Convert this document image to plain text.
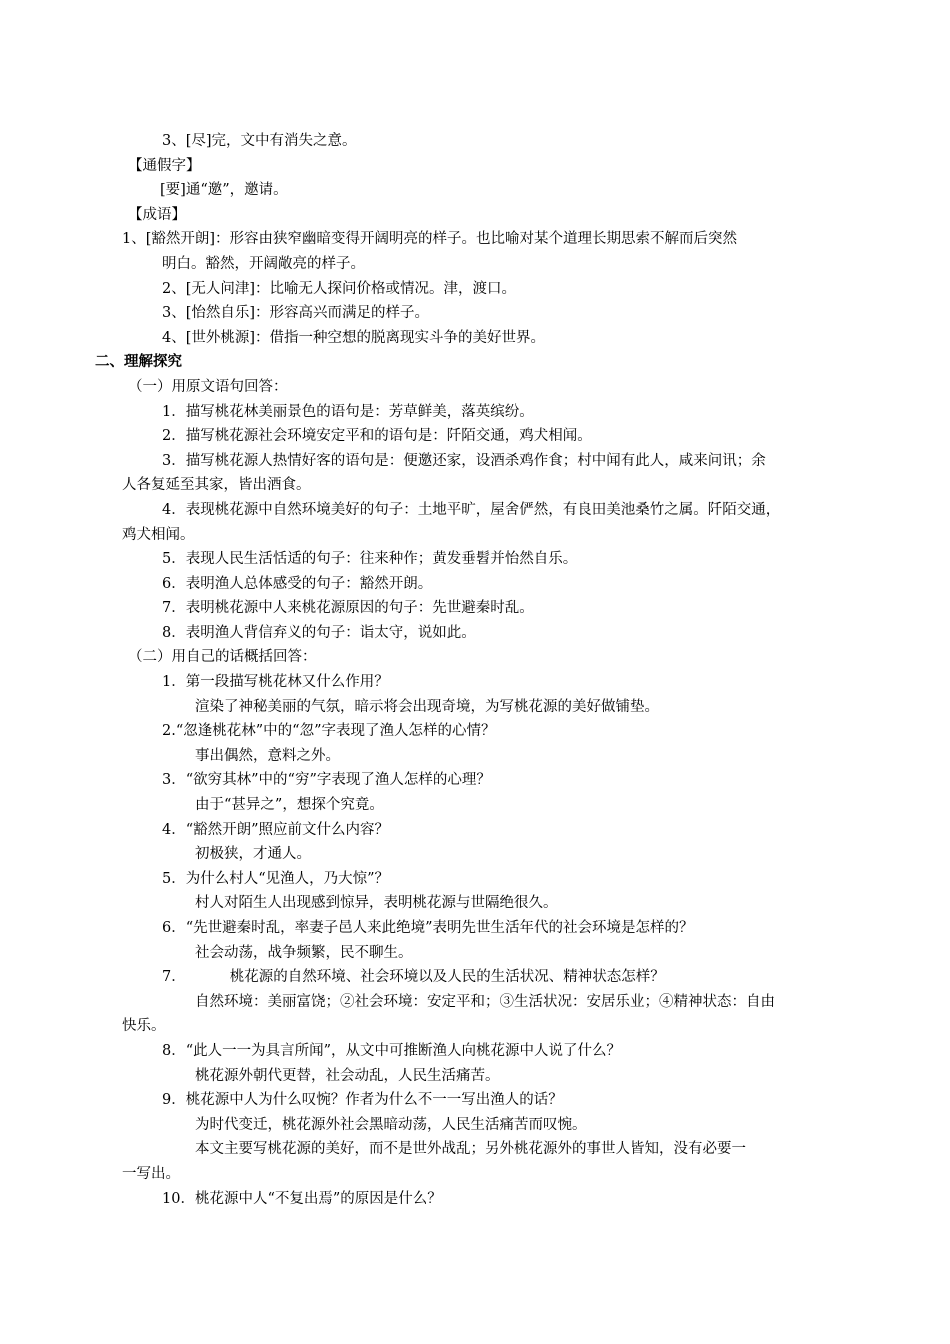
3、[尽]完，文中有消失之意。
【通假字】
[要]通“邀”，邀请。
【成语】
1、[豁然开朗]：形容由狭窄幽暗变得开阔明亮的样子。也比喻对某个道理长期思索不解而后突然
明白。豁然，开阔敞亮的样子。
2、[无人问津]：比喻无人探问价格或情况。津，渡口。
3、[怡然自乐]：形容高兴而满足的样子。
4、[世外桃源]：借指一种空想的脱离现实斗争的美好世界。
二、理解探究
（一）用原文语句回答：
1．描写桃花林美丽景色的语句是：芳草鲜美，落英缤纷。
2．描写桃花源社会环境安定平和的语句是：阡陌交通，鸡犬相闻。
3．描写桃花源人热情好客的语句是：便邀还家，设酒杀鸡作食；村中闻有此人，咸来问讯；余
人各复延至其家，皆出酒食。
4．表现桃花源中自然环境美好的句子：土地平旷，屋舍俨然，有良田美池桑竹之属。阡陌交通，
鸡犬相闻。
5．表现人民生活恬适的句子：往来种作；黄发垂髫并怡然自乐。
6．表明渔人总体感受的句子：豁然开朗。
7．表明桃花源中人来桃花源原因的句子：先世避秦时乱。
8．表明渔人背信弃义的句子：诣太守，说如此。
（二）用自己的话概括回答：
1．第一段描写桃花林又什么作用？
渲染了神秘美丽的气氛，暗示将会出现奇境，为写桃花源的美好做铺垫。
2.“忽逢桃花林”中的“忽”字表现了渔人怎样的心情？
事出偶然，意料之外。
3．“欲穷其林”中的“穷”字表现了渔人怎样的心理？
由于“甚异之”，想探个究竟。
4．“豁然开朗”照应前文什么内容？
初极狭，才通人。
5．为什么村人“见渔人，乃大惊”？
村人对陌生人出现感到惊异，表明桃花源与世隔绝很久。
6．“先世避秦时乱，率妻子邑人来此绝境”表明先世生活年代的社会环境是怎样的？
社会动荡，战争频繁，民不聊生。
7．	桃花源的自然环境、社会环境以及人民的生活状况、精神状态怎样？
自然环境：美丽富饶；②社会环境：安定平和；③生活状况：安居乐业；④精神状态：自由
快乐。
8．“此人一一为具言所闻”，从文中可推断渔人向桃花源中人说了什么？
桃花源外朝代更替，社会动乱，人民生活痛苦。
9．桃花源中人为什么叹惋？作者为什么不一一写出渔人的话？
为时代变迁，桃花源外社会黑暗动荡，人民生活痛苦而叹惋。
本文主要写桃花源的美好，而不是世外战乱；另外桃花源外的事世人皆知，没有必要一
一写出。
10．桃花源中人“不复出焉”的原因是什么？
